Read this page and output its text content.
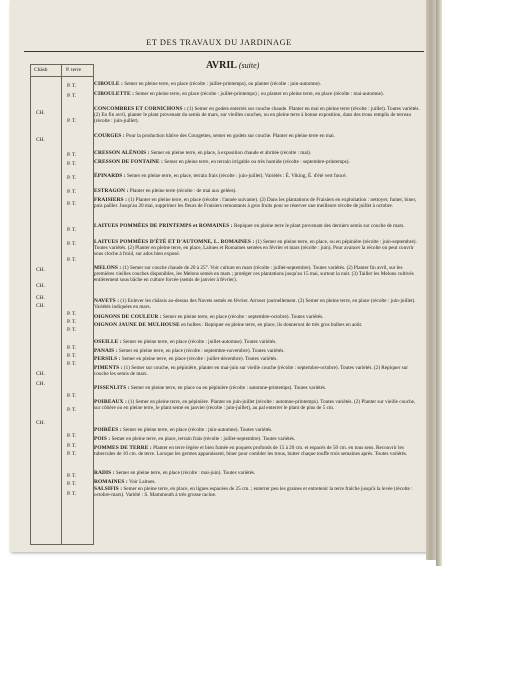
ET DES TRAVAUX DU JARDINAGE
Châsb	P. terre	AVRIL (suite)
CIBOULE : Semer en pleine terre, en place (récolte : juillet-printemps), ou planter (récolte : juin-automne).
CIBOULETTE : Semer en pleine terre, en place (récolte : juillet-printemps) ; ou planter en pleine terre, en place (récolte : mai-automne).
CONCOMBRES ET CORNICHONS : (1) Semer en godets enterrés sur couche chaude. Planter en mai en pleine terre (récolte : juillet). Toutes variétés. (2) En fin avril, planter le plant provenant du semis de mars, sur vieilles couches, ou en pleine terre à bonne exposition, dans des trous remplis de terreau (récolte : juin-juillet).
COURGES : Pour la production hâtive des Courgettes, semer en godets sur couche. Planter en pleine terre en mai.
CRESSON ALÉNOIS : Semer en pleine terre, en place, à exposition chaude et abritée (récolte : mai).
CRESSON DE FONTAINE : Semer en pleine terre, en terrain irrigable ou très humide (récolte : septembre-printemps).
ÉPINARDS : Semer en pleine terre, en place, terrain frais (récolte : juin-juillet). Variétés : É. Viking, É. d'été vert foncé.
ESTRAGON : Planter en pleine terre (récolte : de mai aux gelées).
FRAISIERS : (1) Planter en pleine terre, en place (récolte : l'année suivante). (2) Dans les plantations de Fraisiers en exploitation : nettoyer, fumer, biner, puis pailler. Jusqu'au 20 mai, supprimer les fleurs de Fraisiers remontants à gros fruits pour se réserver une meilleure récolte de juillet à octobre.
LAITUES POMMÉES DE PRINTEMPS et ROMAINES : Repiquer en pleine terre le plant provenant des derniers semis sur couche de mars.
LAITUES POMMÉES D'ÉTÉ ET D'AUTOMNE, L. ROMAINES : (1) Semer en pleine terre, en place, ou en pépinière (récolte : juin-septembre). Toutes variétés. (2) Planter en pleine terre, en place, Laitues et Romaines semées en février et mars (récolte : juin). Pour avancer la récolte on peut couvrir sous cloche à froid, sur ados bien exposé.
MELONS : (1) Semer sur couche chaude de 20 à 25°. Voir culture en mars (récolte : juillet-septembre). Toutes variétés. (2) Planter fin avril, sur les premières vieilles couches disponibles, les Melons semés en mars ; protéger ces plantations jusqu'au 15 mai, surtout la nuit. (3) Tailler les Melons cultivés entièrement sous bâche en culture forcée (semis de janvier à février).
NAVETS : (1) Enlever les châssis au-dessus des Navets semés en février. Arroser journellement. (2) Semer en pleine terre, en place (récolte : juin-juillet). Variétés indiquées en mars.
OIGNONS DE COULEUR : Semer en pleine terre, en place (récolte : septembre-octobre). Toutes variétés.
OIGNON JAUNE DE MULHOUSE en bulbes : Repiquer en pleine terre, en place, ils donneront de très gros bulbes en août.
OSEILLE : Semer en pleine terre, en place (récolte : juillet-automne). Toutes variétés.
PANAIS : Semer en pleine terre, en place (récolte : septembre-novembre). Toutes variétés.
PERSILS : Semer en pleine terre, en place (récolte : juillet-décembre). Toutes variétés.
PIMENTS : (1) Semer sur couche, en pépinière, planter en mai-juin sur vieille couche (récolte : septembre-octobre). Toutes variétés. (2) Repiquer sur couche les semis de mars.
PISSENLITS : Semer en pleine terre, en place ou en pépinière (récolte : automne-printemps). Toutes variétés.
POIREAUX : (1) Semer en pleine terre, en pépinière. Planter en juin-juillet (récolte : automne-printemps). Toutes variétés. (2) Planter sur vieille couche, sur côtière ou en pleine terre, le plant semé en janvier (récolte : juin-juillet), au pal enterrer le plant de plus de 5 cm.
POIRÉES : Semer en pleine terre, en place (récolte : juin-automne). Toutes variétés.
POIS : Semer en pleine terre, en place, terrain frais (récolte : juillet-septembre). Toutes variétés.
POMMES DE TERRE : Planter en terre légère et bien fumée en poquets profonds de 15 à 20 cm. et espacés de 50 cm. en tous sens. Recouvrir les tubercules de 10 cm. de terre. Lorsque les germes apparaissent, biner pour combler les trous, butter chaque touffe trois semaines après. Toutes variétés.
RADIS : Semer en pleine terre, en place (récolte : mai-juin). Toutes variétés.
ROMAINES : Voir Laitues.
SALSIFIS : Semer en pleine terre, en place, en lignes espacées de 25 cm. ; enterrer peu les graines et entretenir la terre fraîche jusqu'à la levée (récolte : octobre-mars). Variété : S. Mammouth à très grosse racine.
P. T.
P. T.
CH.
P. T.
CH.
P. T.
P. T.
P. T.
P. T.
P. T.
P. T.
P. T.
P. T.
CH.
CH.
CH.
CH.
P. T.
P. T.
P. T.
P. T.
P. T.
P. T.
CH.
CH.
P. T.
P. T.
CH.
P. T.
P. T.
P. T.
P. T.
P. T.
P. T.
